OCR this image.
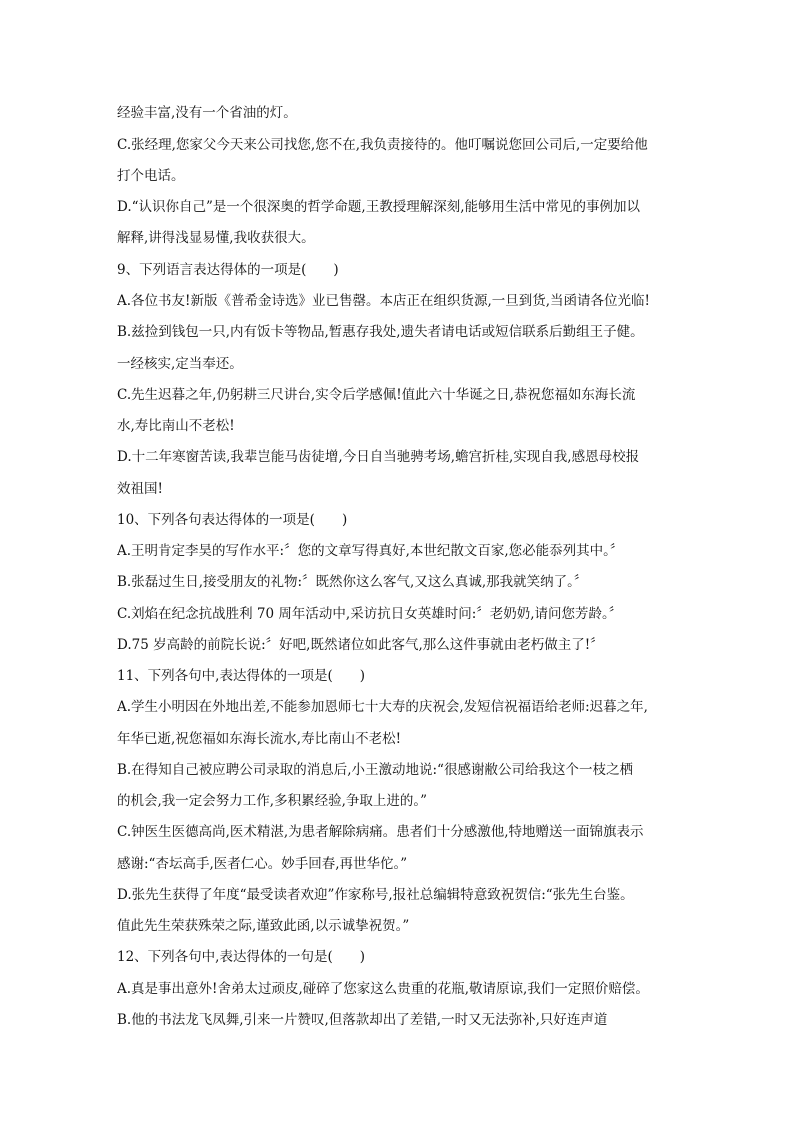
经验丰富,没有一个省油的灯。
C.张经理,您家父今天来公司找您,您不在,我负责接待的。他叮嘱说您回公司后,一定要给他
打个电话。
D.“认识你自己”是一个很深奥的哲学命题,王教授理解深刻,能够用生活中常见的事例加以
解释,讲得浅显易懂,我收获很大。
9、下列语言表达得体的一项是(　　)
A.各位书友!新版《普希金诗选》业已售罄。本店正在组织货源,一旦到货,当函请各位光临!
B.兹捡到钱包一只,内有饭卡等物品,暂惠存我处,遗失者请电话或短信联系后勤组王子健。
一经核实,定当奉还。
C.先生迟暮之年,仍躬耕三尺讲台,实令后学感佩!值此六十华诞之日,恭祝您福如东海长流
水,寿比南山不老松!
D.十二年寒窗苦读,我辈岂能马齿徒增,今日自当驰骋考场,蟾宫折桂,实现自我,感恩母校报
效祖国!
10、下列各句表达得体的一项是(　　)
A.王明肯定李昊的写作水平:〞您的文章写得真好,本世纪散文百家,您必能忝列其中。〞
B.张磊过生日,接受朋友的礼物:〞既然你这么客气,又这么真诚,那我就笑纳了。〞
C.刘焰在纪念抗战胜利 70 周年活动中,采访抗日女英雄时问:〞老奶奶,请问您芳龄。〞
D.75 岁高龄的前院长说:〞好吧,既然诸位如此客气,那么这件事就由老朽做主了!〞
11、下列各句中,表达得体的一项是(　　)
A.学生小明因在外地出差,不能参加恩师七十大寿的庆祝会,发短信祝福语给老师:迟暮之年,
年华已逝,祝您福如东海长流水,寿比南山不老松!
B.在得知自己被应聘公司录取的消息后,小王激动地说:“很感谢敝公司给我这个一枝之栖
的机会,我一定会努力工作,多积累经验,争取上进的。”
C.钟医生医德高尚,医术精湛,为患者解除病痛。患者们十分感激他,特地赠送一面锦旗表示
感谢:“杏坛高手,医者仁心。妙手回春,再世华佗。”
D.张先生获得了年度“最受读者欢迎”作家称号,报社总编辑特意致祝贺信:“张先生台鉴。
值此先生荣获殊荣之际,谨致此函,以示诚挚祝贺。”
12、下列各句中,表达得体的一句是(　　)
A.真是事出意外!舍弟太过顽皮,碰碎了您家这么贵重的花瓶,敬请原谅,我们一定照价赔偿。
B.他的书法龙飞凤舞,引来一片赞叹,但落款却出了差错,一时又无法弥补,只好连声道
